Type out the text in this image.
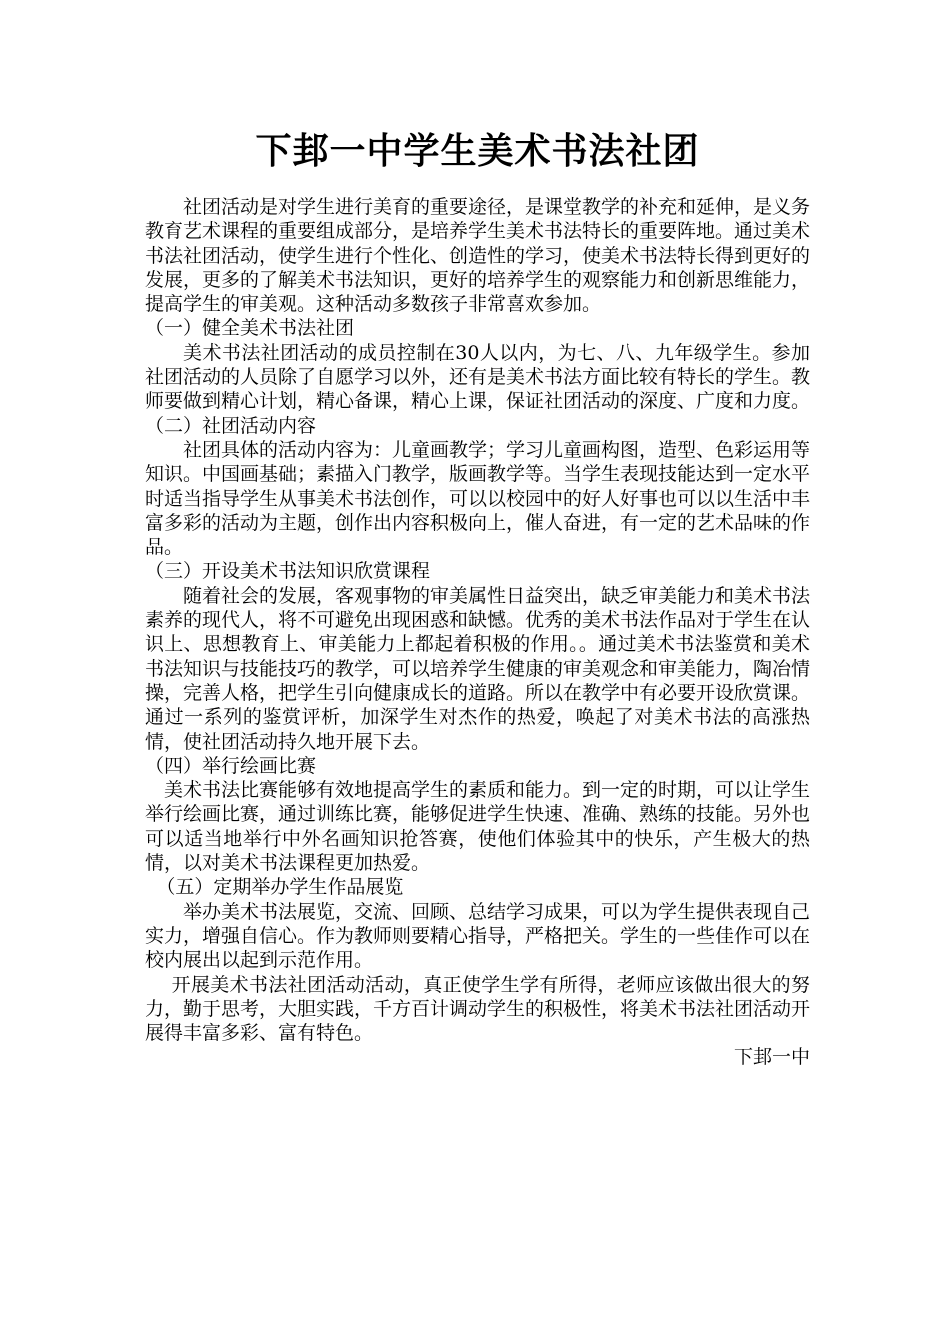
下邽一中学生美术书法社团

社团活动是对学生进行美育的重要途径，是课堂教学的补充和延伸，是义务教育艺术课程的重要组成部分，是培养学生美术书法特长的重要阵地。通过美术书法社团活动，使学生进行个性化、创造性的学习，使美术书法特长得到更好的发展，更多的了解美术书法知识，更好的培养学生的观察能力和创新思维能力，提高学生的审美观。这种活动多数孩子非常喜欢参加。

（一）健全美术书法社团

美术书法社团活动的成员控制在30人以内，为七、八、九年级学生。参加社团活动的人员除了自愿学习以外，还有是美术书法方面比较有特长的学生。教师要做到精心计划，精心备课，精心上课，保证社团活动的深度、广度和力度。

（二）社团活动内容

社团具体的活动内容为：儿童画教学；学习儿童画构图，造型、色彩运用等知识。中国画基础；素描入门教学，版画教学等。当学生表现技能达到一定水平时适当指导学生从事美术书法创作，可以以校园中的好人好事也可以以生活中丰富多彩的活动为主题，创作出内容积极向上，催人奋进，有一定的艺术品味的作品。

（三）开设美术书法知识欣赏课程

随着社会的发展，客观事物的审美属性日益突出，缺乏审美能力和美术书法素养的现代人，将不可避免出现困惑和缺憾。优秀的美术书法作品对于学生在认识上、思想教育上、审美能力上都起着积极的作用。。通过美术书法鉴赏和美术书法知识与技能技巧的教学，可以培养学生健康的审美观念和审美能力，陶冶情操，完善人格，把学生引向健康成长的道路。所以在教学中有必要开设欣赏课。通过一系列的鉴赏评析，加深学生对杰作的热爱，唤起了对美术书法的高涨热情，使社团活动持久地开展下去。

（四）举行绘画比赛

美术书法比赛能够有效地提高学生的素质和能力。到一定的时期，可以让学生举行绘画比赛，通过训练比赛，能够促进学生快速、准确、熟练的技能。另外也可以适当地举行中外名画知识抢答赛，使他们体验其中的快乐，产生极大的热情，以对美术书法课程更加热爱。

（五）定期举办学生作品展览

举办美术书法展览，交流、回顾、总结学习成果，可以为学生提供表现自己实力，增强自信心。作为教师则要精心指导，严格把关。学生的一些佳作可以在校内展出以起到示范作用。

开展美术书法社团活动活动，真正使学生学有所得，老师应该做出很大的努力，勤于思考，大胆实践，千方百计调动学生的积极性，将美术书法社团活动开展得丰富多彩、富有特色。

下邽一中
